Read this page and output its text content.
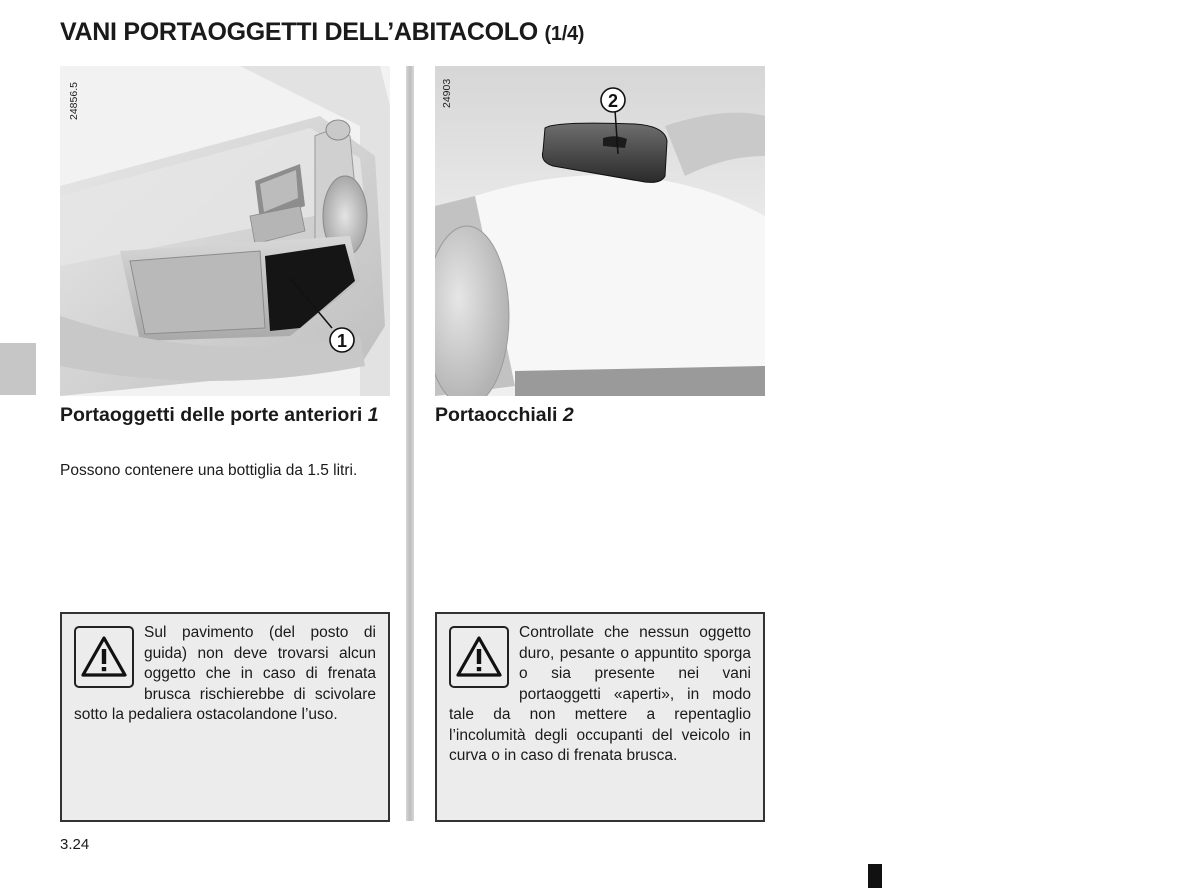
VANI PORTAOGGETTI DELL’ABITACOLO (1/4)
1
24856.5	2
24903
Portaoggetti delle porte anteriori 1
Possono contenere una bottiglia da 1.5 litri.
Portaocchiali 2

Sul pavimento (del posto di guida) non deve trovarsi alcun oggetto che in caso di frenata brusca rischierebbe di scivolare sotto la pedaliera ostacolandone l’uso.

Controllate che nessun oggetto duro, pesante o appuntito sporga o sia presente nei vani portaoggetti «aperti», in modo tale da non mettere a repentaglio l’incolumità degli occupanti del veicolo in curva o in caso di frenata brusca.

3.24
